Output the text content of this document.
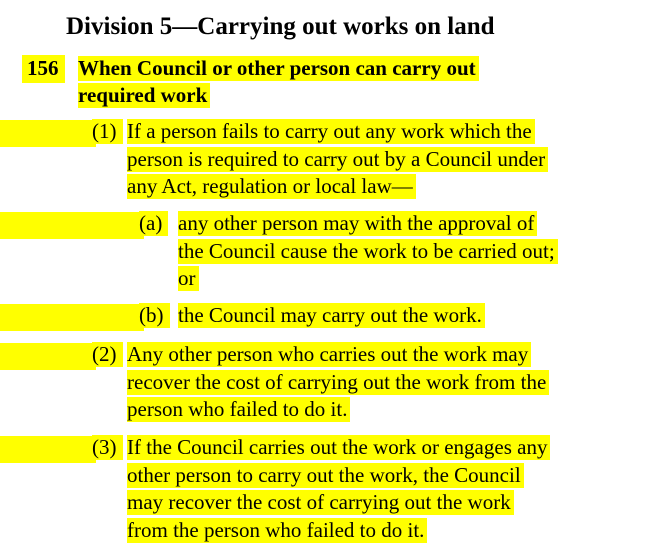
Division 5—Carrying out works on land
156 When Council or other person can carry out
required work
(1) If a person fails to carry out any work which the
person is required to carry out by a Council under
any Act, regulation or local law—
(a) any other person may with the approval of
the Council cause the work to be carried out;
or
(b) the Council may carry out the work.
(2) Any other person who carries out the work may
recover the cost of carrying out the work from the
person who failed to do it.
(3) If the Council carries out the work or engages any
other person to carry out the work, the Council
may recover the cost of carrying out the work
from the person who failed to do it.
